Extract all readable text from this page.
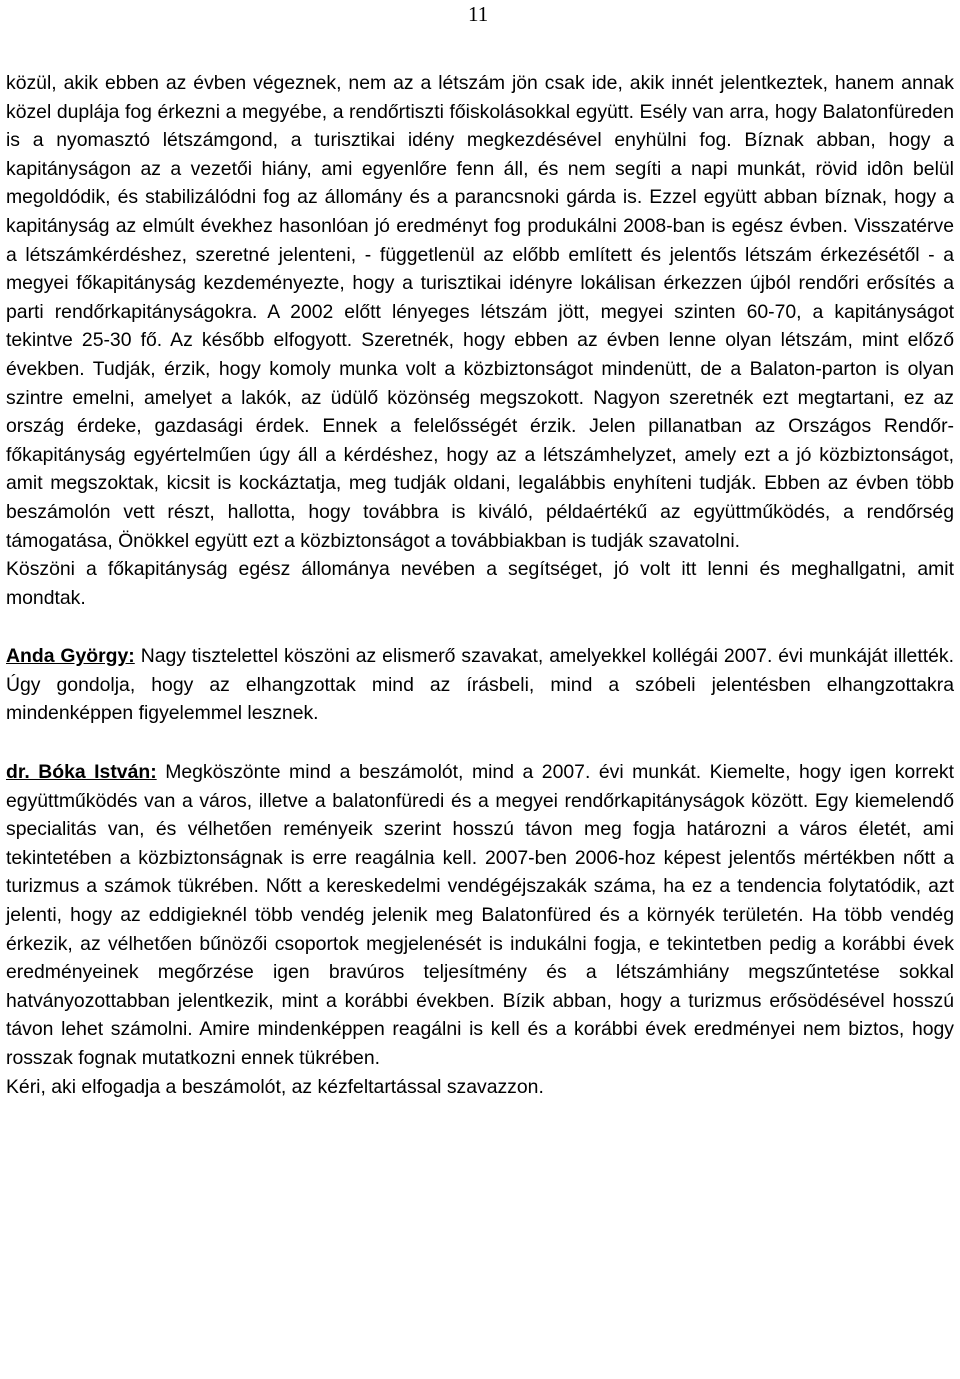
11

közül, akik ebben az évben végeznek, nem az a létszám jön csak ide, akik innét jelentkeztek, hanem annak közel duplája fog érkezni a megyébe, a rendőrtiszti főiskolásokkal együtt. Esély van arra, hogy Balatonfüreden is a nyomasztó létszámgond, a turisztikai idény megkezdésével enyhülni fog. Bíznak abban, hogy a kapitányságon az a vezetői hiány, ami egyenlőre fenn áll, és nem segíti a napi munkát, rövid idôn belül megoldódik, és stabilizálódni fog az állomány és a parancsnoki gárda is. Ezzel együtt abban bíznak, hogy a kapitányság az elmúlt évekhez hasonlóan jó eredményt fog produkálni 2008-ban is egész évben. Visszatérve a létszámkérdéshez, szeretné jelenteni, - függetlenül az előbb említett és jelentős létszám érkezésétől - a megyei főkapitányság kezdeményezte, hogy a turisztikai idényre lokálisan érkezzen újból rendőri erősítés a parti rendőrkapitányságokra. A 2002 előtt lényeges létszám jött, megyei szinten 60-70, a kapitányságot tekintve 25-30 fő. Az később elfogyott. Szeretnék, hogy ebben az évben lenne olyan létszám, mint előző években. Tudják, érzik, hogy komoly munka volt a közbiztonságot mindenütt, de a Balaton-parton is olyan szintre emelni, amelyet a lakók, az üdülő közönség megszokott. Nagyon szeretnék ezt megtartani, ez az ország érdeke, gazdasági érdek. Ennek a felelősségét érzik. Jelen pillanatban az Országos Rendőr-főkapitányság egyértelműen úgy áll a kérdéshez, hogy az a létszámhelyzet, amely ezt a jó közbiztonságot, amit megszoktak, kicsit is kockáztatja, meg tudják oldani, legalábbis enyhíteni tudják. Ebben az évben több beszámolón vett részt, hallotta, hogy továbbra is kiváló, példaértékű az együttműködés, a rendőrség támogatása, Önökkel együtt ezt a közbiztonságot a továbbiakban is tudják szavatolni.

Köszöni a főkapitányság egész állománya nevében a segítséget, jó volt itt lenni és meghallgatni, amit mondtak.

Anda György: Nagy tisztelettel köszöni az elismerő szavakat, amelyekkel kollégái 2007. évi munkáját illették. Úgy gondolja, hogy az elhangzottak mind az írásbeli, mind a szóbeli jelentésben elhangzottakra mindenképpen figyelemmel lesznek.

dr. Bóka István: Megköszönte mind a beszámolót, mind a 2007. évi munkát. Kiemelte, hogy igen korrekt együttműködés van a város, illetve a balatonfüredi és a megyei rendőrkapitányságok között. Egy kiemelendő specialitás van, és vélhetően reményeik szerint hosszú távon meg fogja határozni a város életét, ami tekintetében a közbiztonságnak is erre reagálnia kell. 2007-ben 2006-hoz képest jelentős mértékben nőtt a turizmus a számok tükrében. Nőtt a kereskedelmi vendégéjszakák száma, ha ez a tendencia folytatódik, azt jelenti, hogy az eddigieknél több vendég jelenik meg Balatonfüred és a környék területén. Ha több vendég érkezik, az vélhetően bűnözői csoportok megjelenését is indukálni fogja, e tekintetben pedig a korábbi évek eredményeinek megőrzése igen bravúros teljesítmény és a létszámhiány megszűntetése sokkal hatványozottabban jelentkezik, mint a korábbi években. Bízik abban, hogy a turizmus erősödésével hosszú távon lehet számolni. Amire mindenképpen reagálni is kell és a korábbi évek eredményei nem biztos, hogy rosszak fognak mutatkozni ennek tükrében.

Kéri, aki elfogadja a beszámolót, az kézfeltartással szavazzon.
